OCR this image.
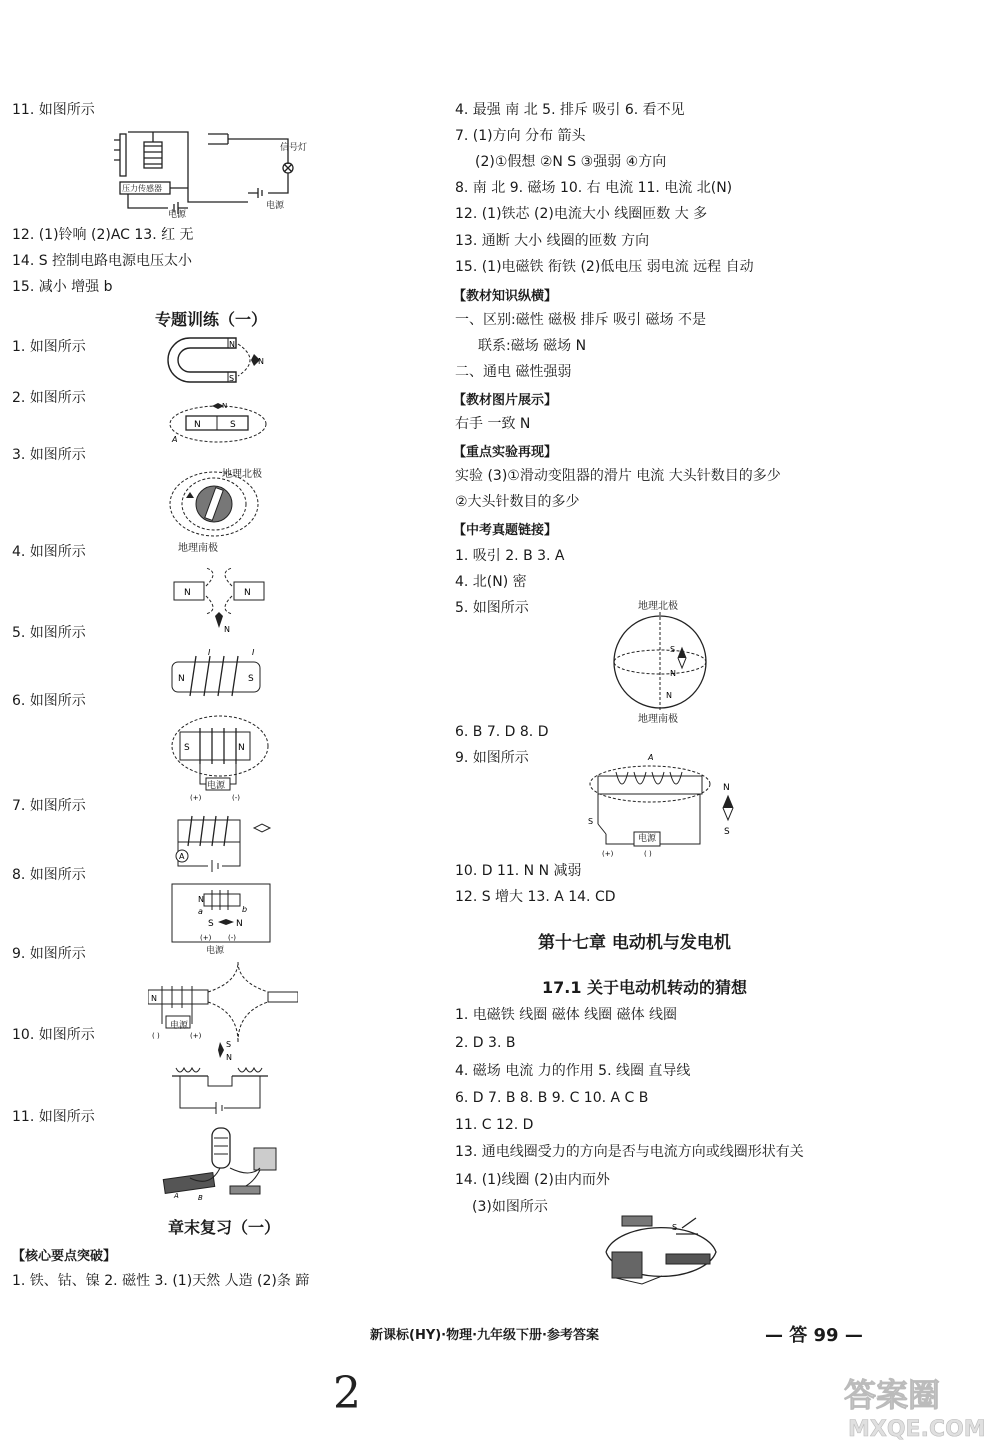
11. 如图所示
信号灯
压力传感器
电源
电源
12. (1)铃响 (2)AC 13. 红 无
14. S 控制电路电源电压太小
15. 减小 增强 b
专题训练（一）
1. 如图所示	N
S
N
2. 如图所示
N	S
N
A
3. 如图所示
地理北极
地理南极
4. 如图所示
N	N
N
5. 如图所示
N	S
I	I
6. 如图所示
S	N
(+)	(-)
电源
7. 如图所示
A
8. 如图所示
N
b
a
S N
(+) (-)
电源
9. 如图所示
N
( )	(+)
电源
10. 如图所示
S
N
11. 如图所示
A	B
章末复习（一）
【核心要点突破】
1. 铁、钴、镍 2. 磁性 3. (1)天然 人造 (2)条 蹄
4. 最强 南 北 5. 排斥 吸引 6. 看不见
7. (1)方向 分布 箭头
(2)①假想 ②N S ③强弱 ④方向
8. 南 北 9. 磁场 10. 右 电流 11. 电流 北(N)
12. (1)铁芯 (2)电流大小 线圈匝数 大 多
13. 通断 大小 线圈的匝数 方向
15. (1)电磁铁 衔铁 (2)低电压 弱电流 远程 自动
【教材知识纵横】
一、区别:磁性 磁极 排斥 吸引 磁场 不是
联系:磁场 磁场 N
二、通电 磁性强弱
【教材图片展示】
右手 一致 N
【重点实验再现】
实验 (3)①滑动变阻器的滑片 电流 大头针数目的多少
②大头针数目的多少
【中考真题链接】
1. 吸引 2. B 3. A
4. 北(N) 密
5. 如图所示	地理北极
S
N
N
地理南极
6. B 7. D 8. D
9. 如图所示	A
S
(+)	( )
电源
N
S
10. D 11. N N 减弱
12. S 增大 13. A 14. CD
第十七章 电动机与发电机
17.1 关于电动机转动的猜想
1. 电磁铁 线圈 磁体 线圈 磁体 线圈
2. D 3. B
4. 磁场 电流 力的作用 5. 线圈 直导线
6. D 7. B 8. B 9. C 10. A C B
11. C 12. D
13. 通电线圈受力的方向是否与电流方向或线圈形状有关
14. (1)线圈 (2)由内而外
(3)如图所示
S
新课标(HY)·物理·九年级下册·参考答案	— 答 99 —
2	答案圈
MXQE.COM
